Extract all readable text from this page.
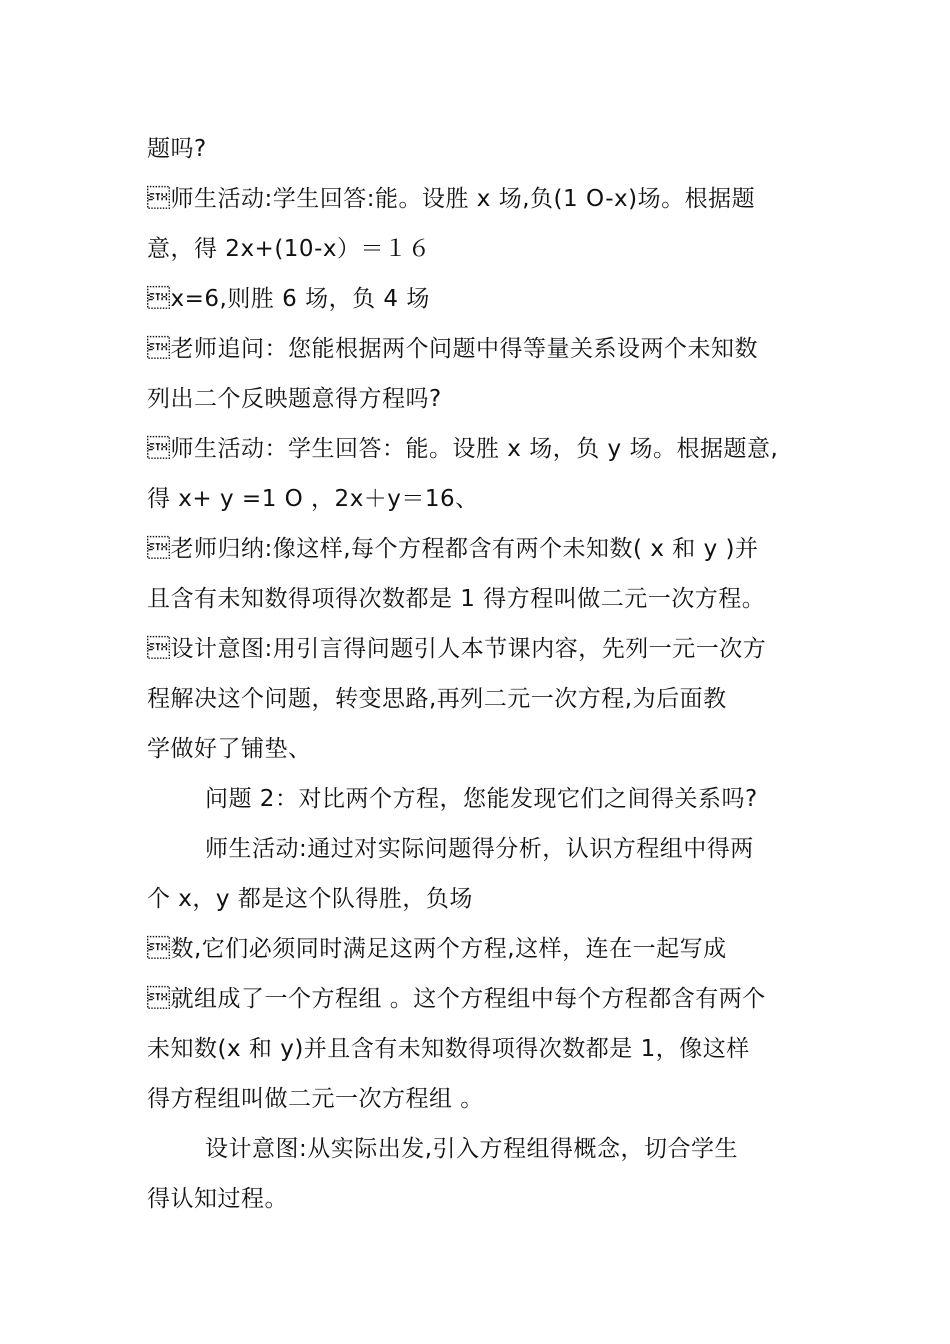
题吗?
师生活动:学生回答:能。设胜 x 场,负(1 O-x)场。根据题
意，得 2x+(10-x）＝１６
x=6,则胜 6 场，负 4 场
老师追问：您能根据两个问题中得等量关系设两个未知数
列出二个反映题意得方程吗?
师生活动：学生回答：能。设胜 x 场，负 y 场。根据题意,
得 x+ y =1 O ，2x＋y＝16、
老师归纳:像这样,每个方程都含有两个未知数( x 和 y )并
且含有未知数得项得次数都是 1 得方程叫做二元一次方程。
设计意图:用引言得问题引人本节课内容，先列一元一次方
程解决这个问题，转变思路,再列二元一次方程,为后面教
学做好了铺垫、
问题 2：对比两个方程，您能发现它们之间得关系吗?
师生活动:通过对实际问题得分析，认识方程组中得两
个 x，y 都是这个队得胜，负场
数,它们必须同时满足这两个方程,这样，连在一起写成
就组成了一个方程组 。这个方程组中每个方程都含有两个
未知数(x 和 y)并且含有未知数得项得次数都是 1，像这样
得方程组叫做二元一次方程组 。
设计意图:从实际出发,引入方程组得概念，切合学生
得认知过程。
